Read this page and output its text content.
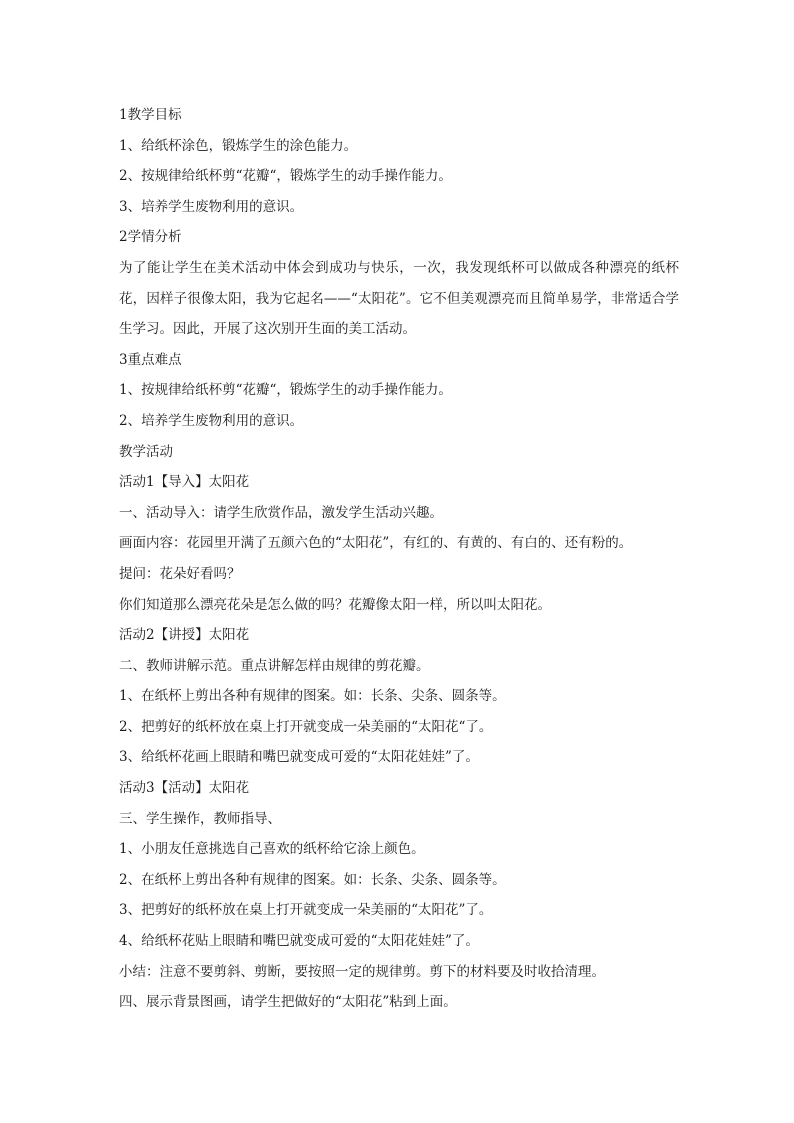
1教学目标

1、给纸杯涂色，锻炼学生的涂色能力。

2、按规律给纸杯剪“花瓣“，锻炼学生的动手操作能力。

3、培养学生废物利用的意识。

2学情分析

为了能让学生在美术活动中体会到成功与快乐，一次，我发现纸杯可以做成各种漂亮的纸杯花，因样子很像太阳，我为它起名——“太阳花”。它不但美观漂亮而且简单易学，非常适合学生学习。因此，开展了这次别开生面的美工活动。

3重点难点

1、按规律给纸杯剪“花瓣“，锻炼学生的动手操作能力。

2、培养学生废物利用的意识。

教学活动

活动1【导入】太阳花

一、活动导入：请学生欣赏作品，激发学生活动兴趣。

画面内容：花园里开满了五颜六色的“太阳花”，有红的、有黄的、有白的、还有粉的。

提问：花朵好看吗？

你们知道那么漂亮花朵是怎么做的吗？花瓣像太阳一样，所以叫太阳花。

活动2【讲授】太阳花

二、教师讲解示范。重点讲解怎样由规律的剪花瓣。

1、在纸杯上剪出各种有规律的图案。如：长条、尖条、圆条等。

2、把剪好的纸杯放在桌上打开就变成一朵美丽的“太阳花“了。

3、给纸杯花画上眼睛和嘴巴就变成可爱的“太阳花娃娃”了。

活动3【活动】太阳花

三、学生操作，教师指导、

1、小朋友任意挑选自己喜欢的纸杯给它涂上颜色。

2、在纸杯上剪出各种有规律的图案。如：长条、尖条、圆条等。

3、把剪好的纸杯放在桌上打开就变成一朵美丽的“太阳花”了。

4、给纸杯花贴上眼睛和嘴巴就变成可爱的“太阳花娃娃”了。

小结：注意不要剪斜、剪断，要按照一定的规律剪。剪下的材料要及时收拾清理。

四、展示背景图画，请学生把做好的“太阳花”粘到上面。
